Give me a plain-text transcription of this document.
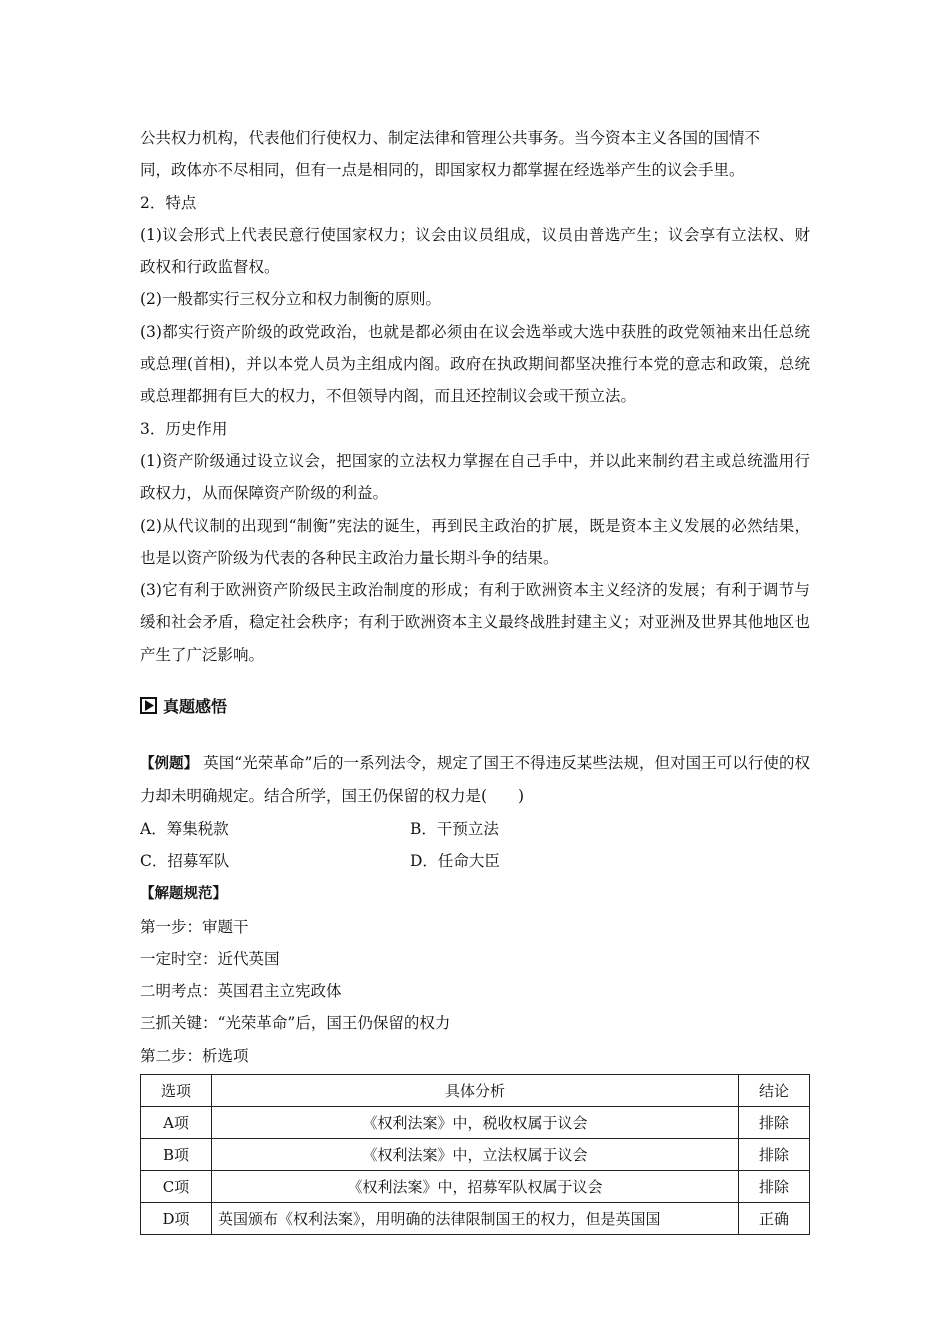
公共权力机构，代表他们行使权力、制定法律和管理公共事务。当今资本主义各国的国情不

同，政体亦不尽相同，但有一点是相同的，即国家权力都掌握在经选举产生的议会手里。

2．特点

(1)议会形式上代表民意行使国家权力；议会由议员组成，议员由普选产生；议会享有立法权、财政权和行政监督权。

(2)一般都实行三权分立和权力制衡的原则。

(3)都实行资产阶级的政党政治，也就是都必须由在议会选举或大选中获胜的政党领袖来出任总统或总理(首相)，并以本党人员为主组成内阁。政府在执政期间都坚决推行本党的意志和政策，总统或总理都拥有巨大的权力，不但领导内阁，而且还控制议会或干预立法。

3．历史作用

(1)资产阶级通过设立议会，把国家的立法权力掌握在自己手中，并以此来制约君主或总统滥用行政权力，从而保障资产阶级的利益。

(2)从代议制的出现到“制衡”宪法的诞生，再到民主政治的扩展，既是资本主义发展的必然结果，也是以资产阶级为代表的各种民主政治力量长期斗争的结果。

(3)它有利于欧洲资产阶级民主政治制度的形成；有利于欧洲资本主义经济的发展；有利于调节与缓和社会矛盾，稳定社会秩序；有利于欧洲资本主义最终战胜封建主义；对亚洲及世界其他地区也产生了广泛影响。

真题感悟

【例题】 英国“光荣革命”后的一系列法令，规定了国王不得违反某些法规，但对国王可以行使的权力却未明确规定。结合所学，国王仍保留的权力是(　　)

A．筹集税款	B．干预立法

C．招募军队	D．任命大臣

【解题规范】

第一步：审题干

一定时空：近代英国

二明考点：英国君主立宪政体

三抓关键：“光荣革命”后，国王仍保留的权力

第二步：析选项

选项	具体分析	结论
A项	《权利法案》中，税收权属于议会	排除
B项	《权利法案》中，立法权属于议会	排除
C项	《权利法案》中，招募军队权属于议会	排除
D项	英国颁布《权利法案》，用明确的法律限制国王的权力，但是英国国	正确
